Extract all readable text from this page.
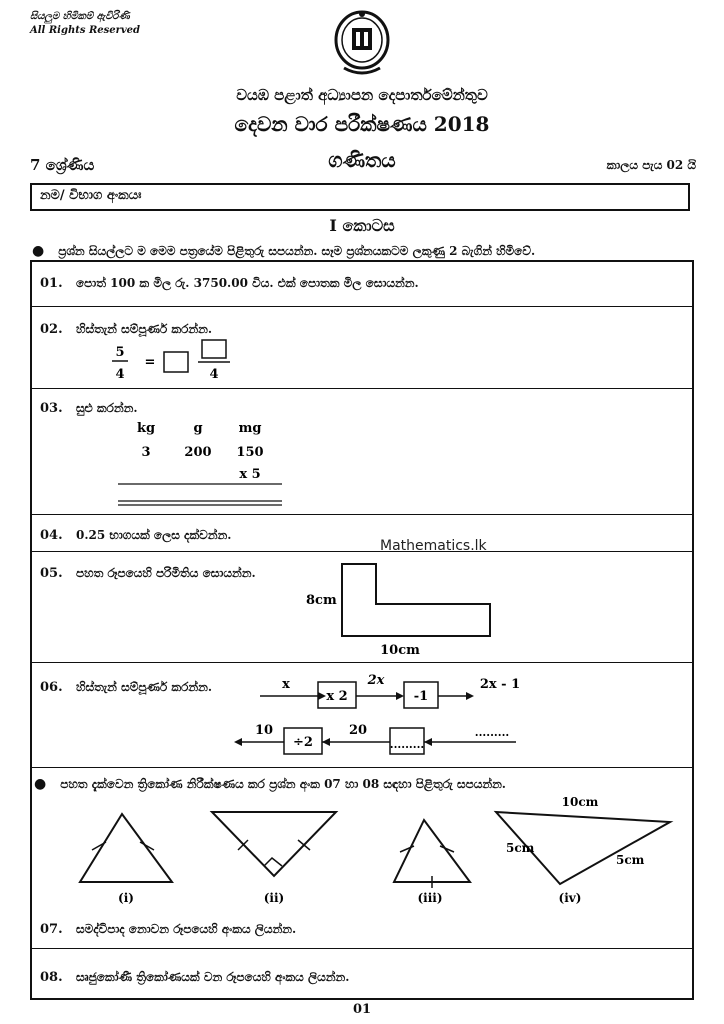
සියලුම හිමිකම් ඇවිරිණි
All Rights Reserved
වයඹ පළාත් අධ්‍යාපන දෙපාර්තමේන්තුව
දෙවන වාර පරීක්ෂණය 2018
7 ශ්‍රේණිය	ගණිතය	කාලය පැය 02 යි
නම/ විභාග අංකයඃ
I කොටස
● ප්‍රශ්න සියල්ලට ම මෙම පත්‍රයේම පිළිතුරු සපයන්න. සෑම ප්‍රශ්නයකටම ලකුණු 2 බැගින් හිමිවේ.
01. පොත් 100 ක මිල රු. 3750.00 විය. එක් පොතක මිල සොයන්න.
02. හිස්තැන් සම්පූර්ණ කරන්න.
5
4
=
4
03. සුළු කරන්න.
kg	g	mg
3	200 150
x 5
04. 0.25 භාගයක් ලෙස දක්වන්න.
Mathematics.lk
05. පහත රූපයෙහි පරිමිතිය සොයන්න.
8cm
10cm
06. හිස්තැන් සම්පූර්ණ කරන්න.	x
x 2
2x
-1
2x - 1
10
÷2
20
.........
.........
● පහත දැක්වෙන ත්‍රිකෝණ නිරීක්ෂණය කර ප්‍රශ්න අංක 07 හා 08 සඳහා පිළිතුරු සපයන්න.
(i)	(ii)	(iii)
10cm
5cm
5cm
(iv)
07. සමද්විපාද නොවන රූපයෙහි අංකය ලියන්න.
08. සෘජුකෝණී ත්‍රිකෝණයක් වන රූපයෙහි අංකය ලියන්න.
01
